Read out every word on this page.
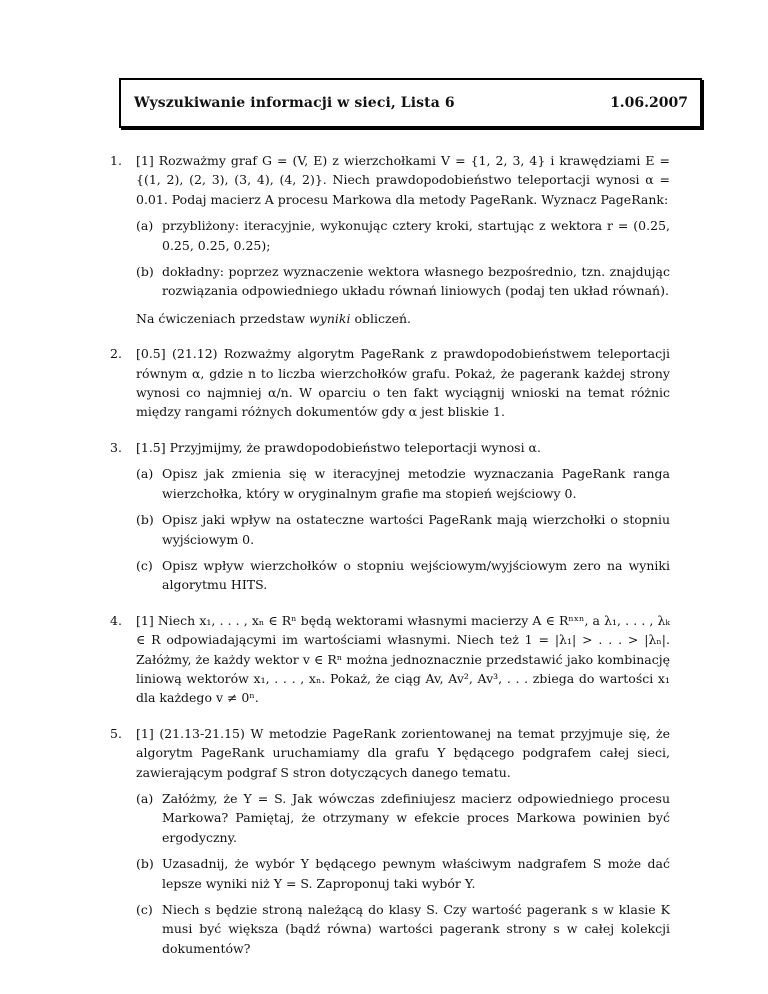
Wyszukiwanie informacji w sieci, Lista 6	1.06.2007
1. [1] Rozważmy graf G = (V, E) z wierzchołkami V = {1, 2, 3, 4} i krawędziami E = {(1, 2), (2, 3), (3, 4), (4, 2)}. Niech prawdopodobieństwo teleportacji wynosi α = 0.01. Podaj macierz A procesu Markowa dla metody PageRank. Wyznacz PageRank:

(a) przybliżony: iteracyjnie, wykonując cztery kroki, startując z wektora r = (0.25, 0.25, 0.25, 0.25);
(b) dokładny: poprzez wyznaczenie wektora własnego bezpośrednio, tzn. znajdując rozwiązania odpowiedniego układu równań liniowych (podaj ten układ równań).

Na ćwiczeniach przedstaw wyniki obliczeń.

2. [0.5] (21.12) Rozważmy algorytm PageRank z prawdopodobieństwem teleportacji równym α, gdzie n to liczba wierzchołków grafu. Pokaż, że pagerank każdej strony wynosi co najmniej α/n. W oparciu o ten fakt wyciągnij wnioski na temat różnic między rangami różnych dokumentów gdy α jest bliskie 1.

3. [1.5] Przyjmijmy, że prawdopodobieństwo teleportacji wynosi α.

(a) Opisz jak zmienia się w iteracyjnej metodzie wyznaczania PageRank ranga wierzchołka, który w oryginalnym grafie ma stopień wejściowy 0.
(b) Opisz jaki wpływ na ostateczne wartości PageRank mają wierzchołki o stopniu wyjściowym 0.
(c) Opisz wpływ wierzchołków o stopniu wejściowym/wyjściowym zero na wyniki algorytmu HITS.
4. [1] Niech x₁, . . . , xₙ ∈ Rⁿ będą wektorami własnymi macierzy A ∈ Rⁿˣⁿ, a λ₁, . . . , λₖ ∈ R odpowiadającymi im wartościami własnymi. Niech też 1 = |λ₁| > . . . > |λₙ|. Załóżmy, że każdy wektor v ∈ Rⁿ można jednoznacznie przedstawić jako kombinację liniową wektorów x₁, . . . , xₙ. Pokaż, że ciąg Av, Av², Av³, . . . zbiega do wartości x₁ dla każdego v ≠ 0ⁿ.

5. [1] (21.13-21.15) W metodzie PageRank zorientowanej na temat przyjmuje się, że algorytm PageRank uruchamiamy dla grafu Y będącego podgrafem całej sieci, zawierającym podgraf S stron dotyczących danego tematu.

(a) Załóżmy, że Y = S. Jak wówczas zdefiniujesz macierz odpowiedniego procesu Markowa? Pamiętaj, że otrzymany w efekcie proces Markowa powinien być ergodyczny.
(b) Uzasadnij, że wybór Y będącego pewnym właściwym nadgrafem S może dać lepsze wyniki niż Y = S. Zaproponuj taki wybór Y.
(c) Niech s będzie stroną należącą do klasy S. Czy wartość pagerank s w klasie K musi być większa (bądź równa) wartości pagerank strony s w całej kolekcji dokumentów?
